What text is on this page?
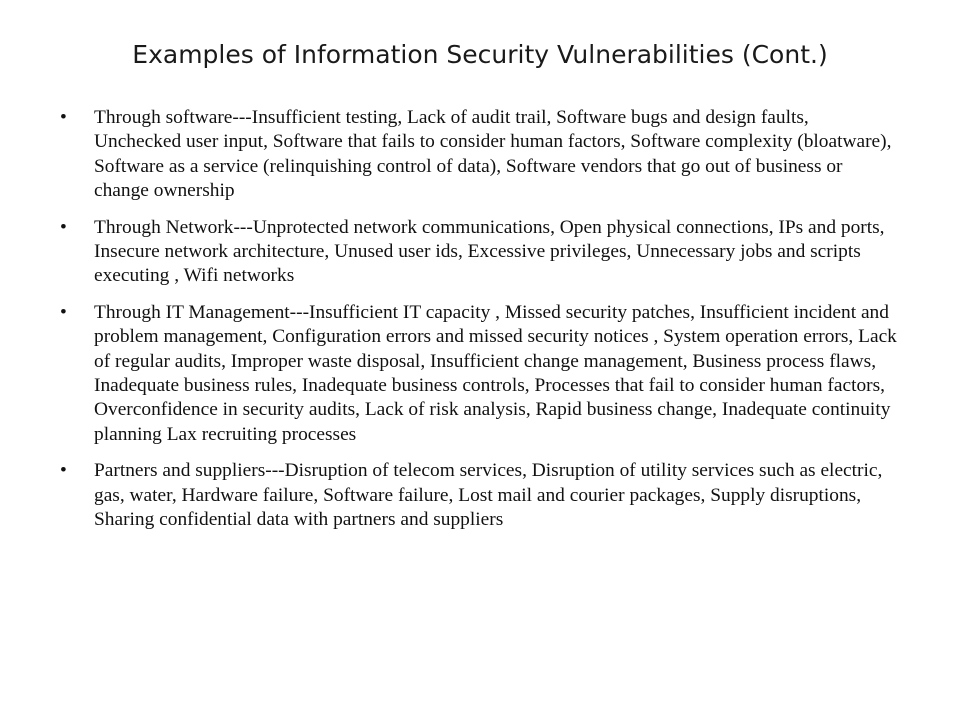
Examples of Information Security Vulnerabilities (Cont.)
• Through software---Insufficient testing, Lack of audit trail, Software bugs and design faults, Unchecked user input, Software that fails to consider human factors, Software complexity (bloatware), Software as a service (relinquishing control of data), Software vendors that go out of business or change ownership
• Through Network---Unprotected network communications, Open physical connections, IPs and ports, Insecure network architecture, Unused user ids, Excessive privileges, Unnecessary jobs and scripts executing , Wifi networks
• Through IT Management---Insufficient IT capacity , Missed security patches, Insufficient incident and problem management, Configuration errors and missed security notices , System operation errors, Lack of regular audits, Improper waste disposal, Insufficient change management, Business process flaws, Inadequate business rules, Inadequate business controls, Processes that fail to consider human factors, Overconfidence in security audits, Lack of risk analysis, Rapid business change, Inadequate continuity planning Lax recruiting processes
• Partners and suppliers---Disruption of telecom services, Disruption of utility services such as electric, gas, water, Hardware failure, Software failure, Lost mail and courier packages, Supply disruptions, Sharing confidential data with partners and suppliers
